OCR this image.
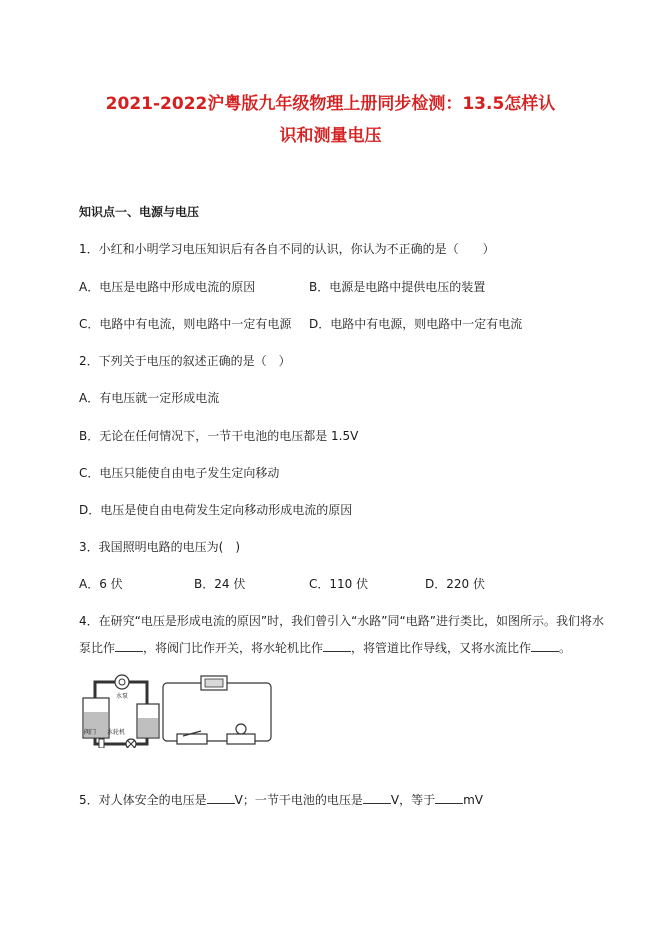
2021-2022沪粤版九年级物理上册同步检测：13.5怎样认
识和测量电压
知识点一、电源与电压
1．小红和小明学习电压知识后有各自不同的认识，你认为不正确的是（　　）
A．电压是电路中形成电流的原因	B．电源是电路中提供电压的装置
C．电路中有电流，则电路中一定有电源 D．电路中有电源，则电路中一定有电流
2．下列关于电压的叙述正确的是（　）
A．有电压就一定形成电流
B．无论在任何情况下，一节干电池的电压都是 1.5V
C．电压只能使自由电子发生定向移动
D．电压是使自由电荷发生定向移动形成电流的原因
3．我国照明电路的电压为(　)
A．6 伏	B．24 伏	C．110 伏	D．220 伏
4．在研究“电压是形成电流的原因”时，我们曾引入“水路”同“电路”进行类比，如图所示。我们将水
泵比作 ，将阀门比作开关，将水轮机比作 ，将管道比作导线，又将水流比作 。
水泵
阀门 水轮机
5．对人体安全的电压是 V；一节干电池的电压是 V，等于 mV
